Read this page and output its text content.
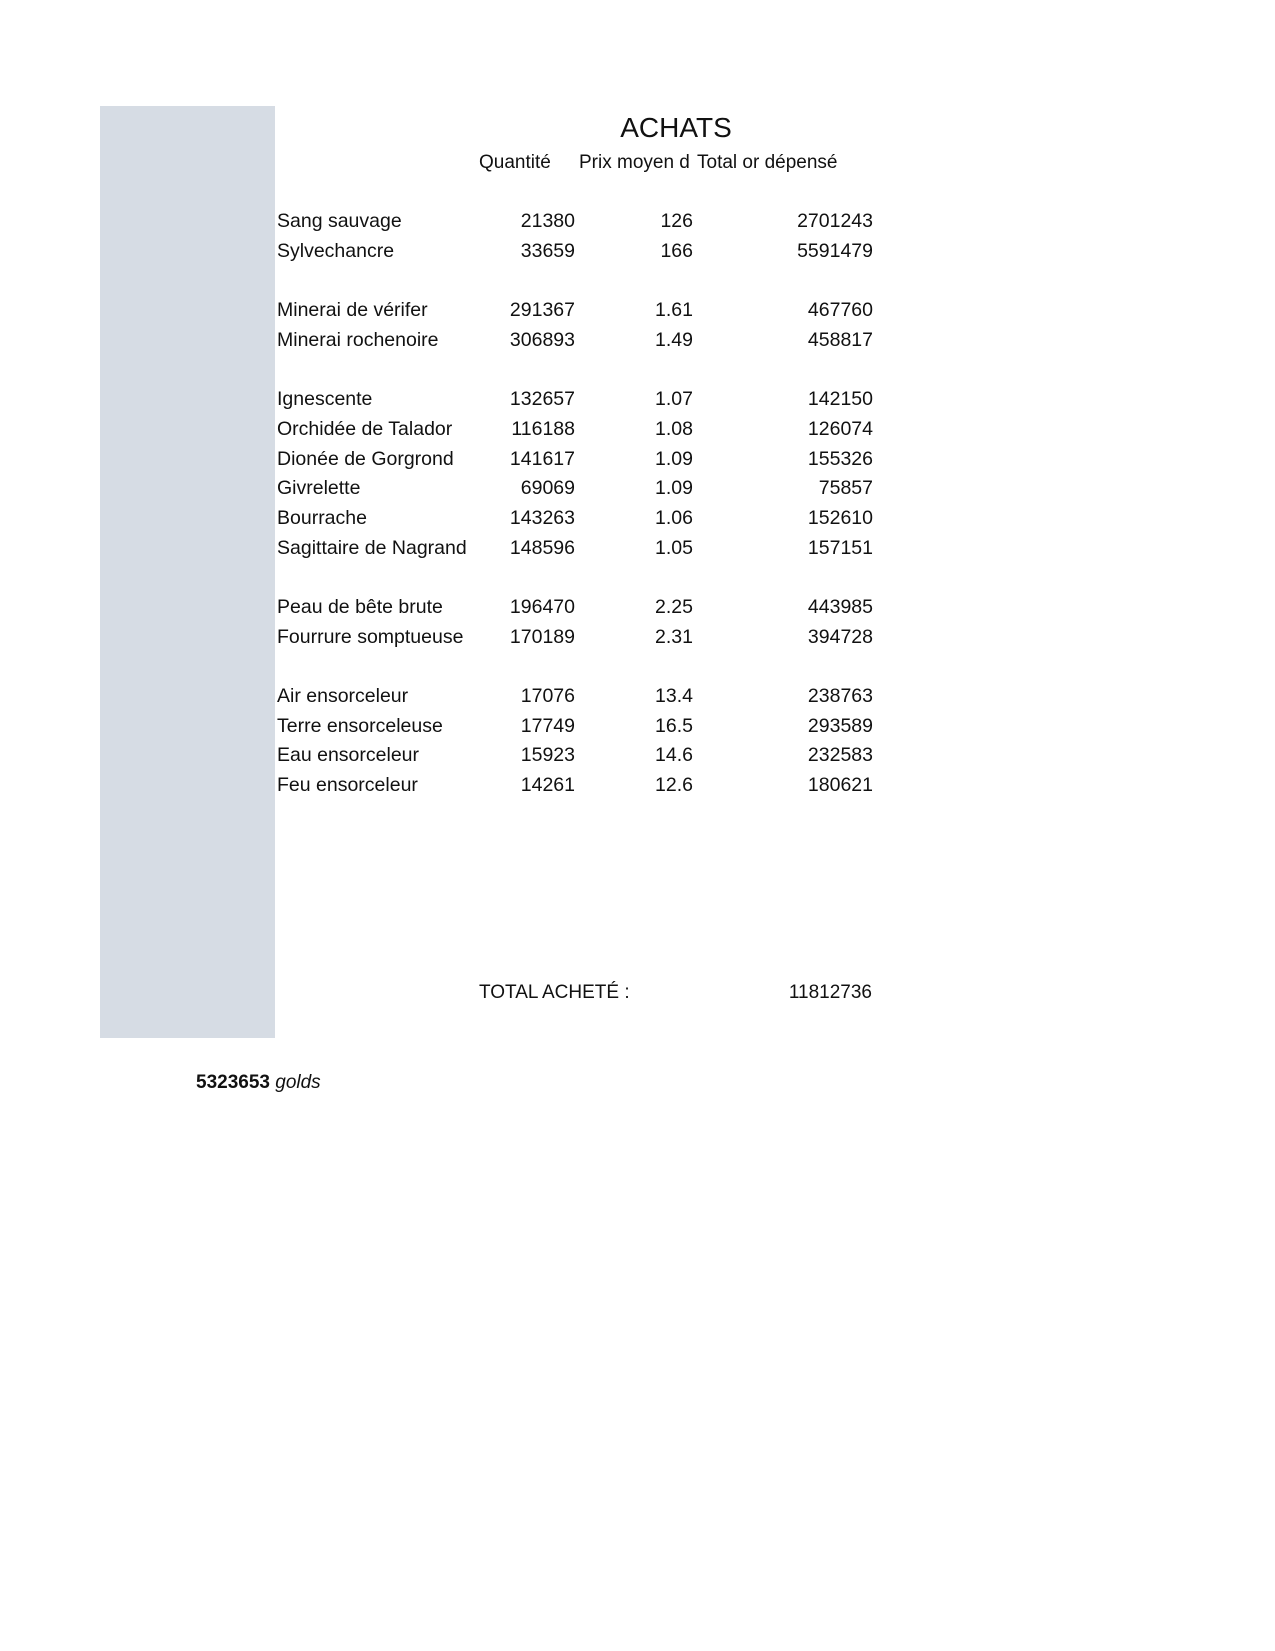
ACHATS
Quantité Prix moyen d Total or dépensé
Sang sauvage	21380	126	2701243
Sylvechancre	33659	166	5591479
Minerai de vérifer	291367	1.61	467760
Minerai rochenoire	306893	1.49	458817
Ignescente	132657	1.07	142150
Orchidée de Talador	116188	1.08	126074
Dionée de Gorgrond	141617	1.09	155326
Givrelette	69069	1.09	75857
Bourrache	143263	1.06	152610
Sagittaire de Nagrand 148596	1.05	157151
Peau de bête brute	196470	2.25	443985
Fourrure somptueuse 170189	2.31	394728
Air ensorceleur	17076	13.4	238763
Terre ensorceleuse	17749	16.5	293589
Eau ensorceleur	15923	14.6	232583
Feu ensorceleur	14261	12.6	180621
TOTAL ACHETÉ :	11812736
5323653 golds
